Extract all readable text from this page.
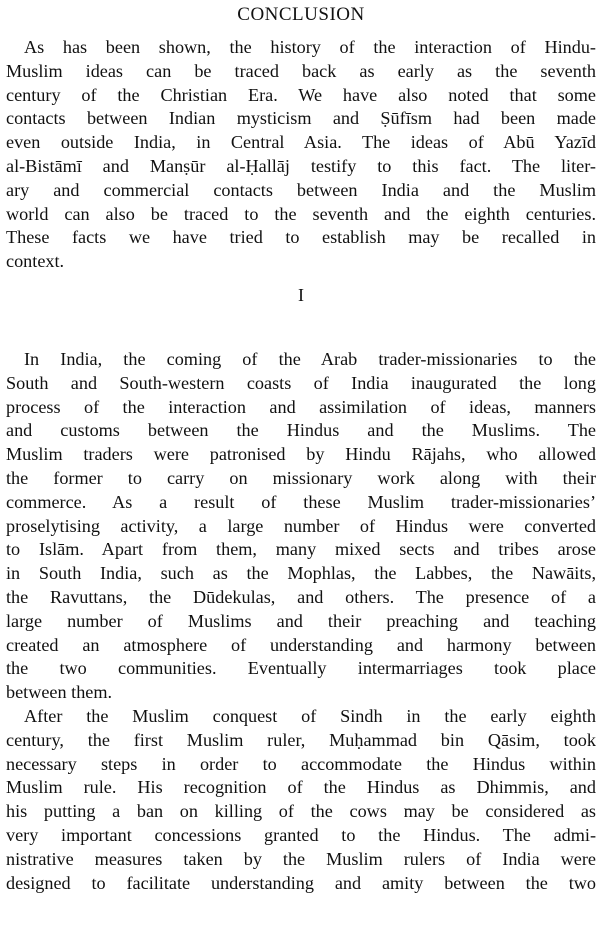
CONCLUSION
As has been shown, the history of the interaction of Hindu-
Muslim ideas can be traced back as early as the seventh
century of the Christian Era. We have also noted that some
contacts between Indian mysticism and Ṣūfīsm had been made
even outside India, in Central Asia. The ideas of Abū Yazīd
al-Bistāmī and Manṣūr al-Ḥallāj testify to this fact. The liter-
ary and commercial contacts between India and the Muslim
world can also be traced to the seventh and the eighth centuries.
These facts we have tried to establish may be recalled in
context.
I
In India, the coming of the Arab trader-missionaries to the
South and South-western coasts of India inaugurated the long
process of the interaction and assimilation of ideas, manners
and customs between the Hindus and the Muslims. The
Muslim traders were patronised by Hindu Rājahs, who allowed
the former to carry on missionary work along with their
commerce. As a result of these Muslim trader-missionaries’
proselytising activity, a large number of Hindus were converted
to Islām. Apart from them, many mixed sects and tribes arose
in South India, such as the Mophlas, the Labbes, the Nawāits,
the Ravuttans, the Dūdekulas, and others. The presence of a
large number of Muslims and their preaching and teaching
created an atmosphere of understanding and harmony between
the two communities. Eventually intermarriages took place
between them.
After the Muslim conquest of Sindh in the early eighth
century, the first Muslim ruler, Muḥammad bin Qāsim, took
necessary steps in order to accommodate the Hindus within
Muslim rule. His recognition of the Hindus as Dhimmis, and
his putting a ban on killing of the cows may be considered as
very important concessions granted to the Hindus. The admi-
nistrative measures taken by the Muslim rulers of India were
designed to facilitate understanding and amity between the two
